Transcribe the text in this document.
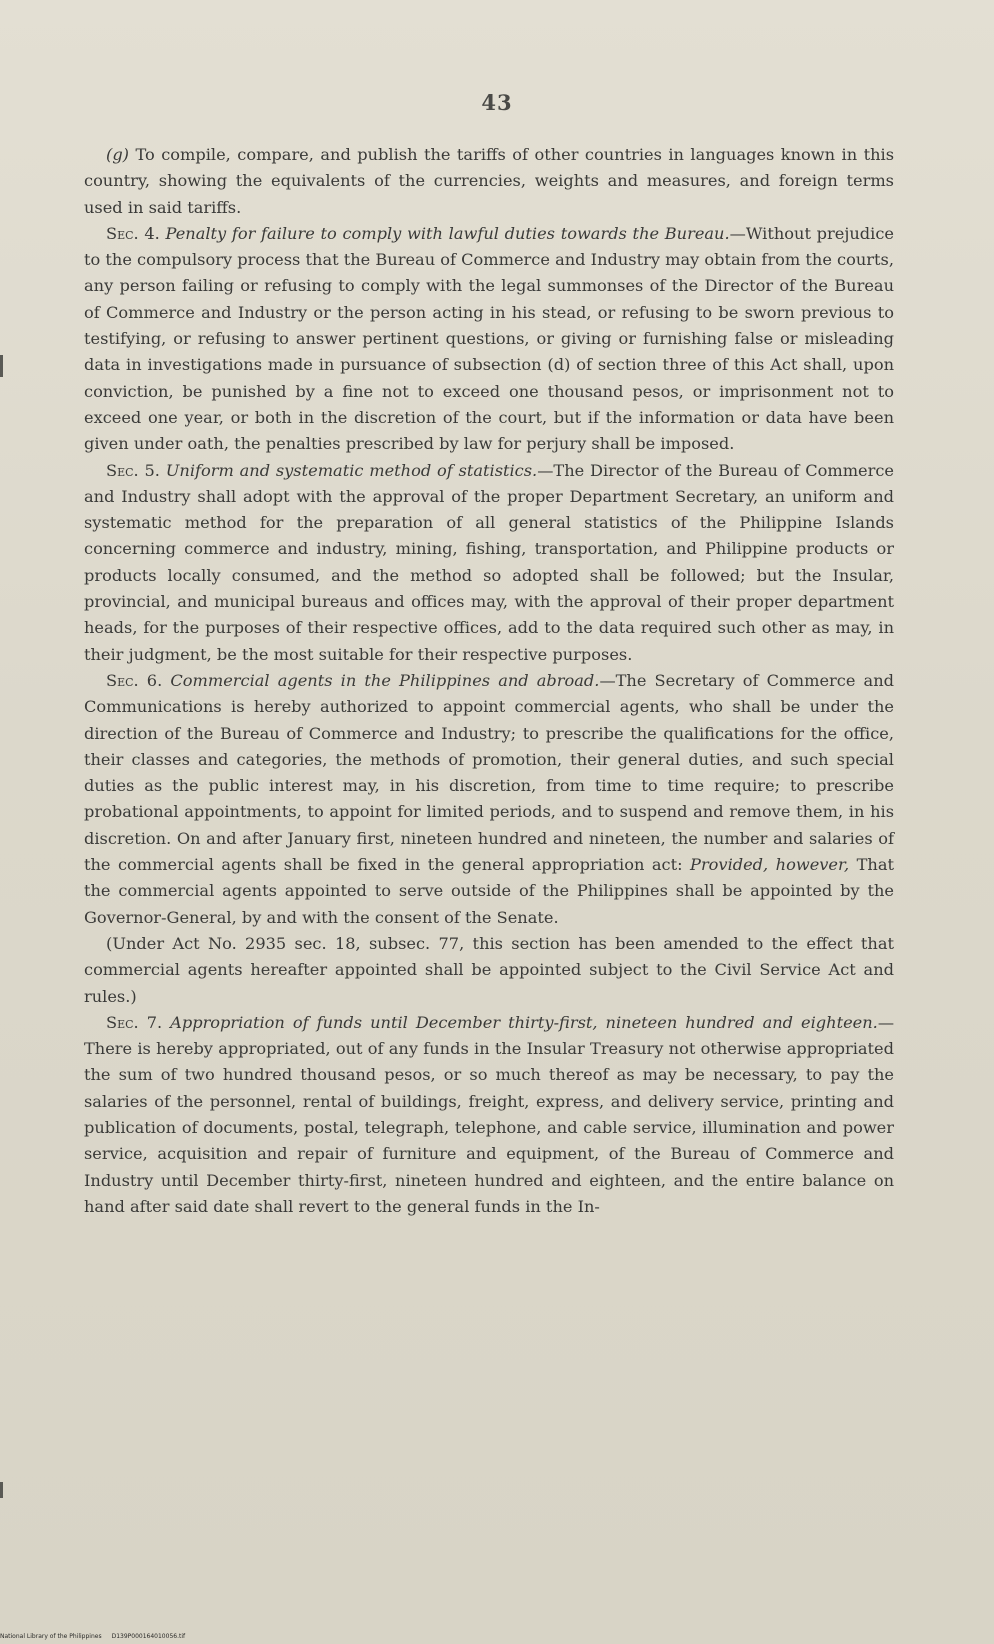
43

(g) To compile, compare, and publish the tariffs of other countries in languages known in this country, showing the equivalents of the currencies, weights and measures, and foreign terms used in said tariffs.

Sec. 4. Penalty for failure to comply with lawful duties towards the Bureau.—Without prejudice to the compulsory process that the Bureau of Commerce and Industry may obtain from the courts, any person failing or refusing to comply with the legal summonses of the Director of the Bureau of Commerce and Industry or the person acting in his stead, or refusing to be sworn previous to testifying, or refusing to answer pertinent questions, or giving or furnishing false or misleading data in investigations made in pursuance of subsection (d) of section three of this Act shall, upon conviction, be punished by a fine not to exceed one thousand pesos, or imprisonment not to exceed one year, or both in the discretion of the court, but if the information or data have been given under oath, the penalties prescribed by law for perjury shall be imposed.

Sec. 5. Uniform and systematic method of statistics.—The Director of the Bureau of Commerce and Industry shall adopt with the approval of the proper Department Secretary, an uniform and systematic method for the preparation of all general statistics of the Philippine Islands concerning commerce and industry, mining, fishing, transportation, and Philippine products or products locally consumed, and the method so adopted shall be followed; but the Insular, provincial, and municipal bureaus and offices may, with the approval of their proper department heads, for the purposes of their respective offices, add to the data required such other as may, in their judgment, be the most suitable for their respective purposes.

Sec. 6. Commercial agents in the Philippines and abroad.—The Secretary of Commerce and Communications is hereby authorized to appoint commercial agents, who shall be under the direction of the Bureau of Commerce and Industry; to prescribe the qualifications for the office, their classes and categories, the methods of promotion, their general duties, and such special duties as the public interest may, in his discretion, from time to time require; to prescribe probational appointments, to appoint for limited periods, and to suspend and remove them, in his discretion. On and after January first, nineteen hundred and nineteen, the number and salaries of the commercial agents shall be fixed in the general appropriation act: Provided, however, That the commercial agents appointed to serve outside of the Philippines shall be appointed by the Governor-General, by and with the consent of the Senate.

(Under Act No. 2935 sec. 18, subsec. 77, this section has been amended to the effect that commercial agents hereafter appointed shall be appointed subject to the Civil Service Act and rules.)

Sec. 7. Appropriation of funds until December thirty-first, nineteen hundred and eighteen.—There is hereby appropriated, out of any funds in the Insular Treasury not otherwise appropriated the sum of two hundred thousand pesos, or so much thereof as may be necessary, to pay the salaries of the personnel, rental of buildings, freight, express, and delivery service, printing and publication of documents, postal, telegraph, telephone, and cable service, illumination and power service, acquisition and repair of furniture and equipment, of the Bureau of Commerce and Industry until December thirty-first, nineteen hundred and eighteen, and the entire balance on hand after said date shall revert to the general funds in the In-

National Library of the Philippines D139P000164010056.tif
